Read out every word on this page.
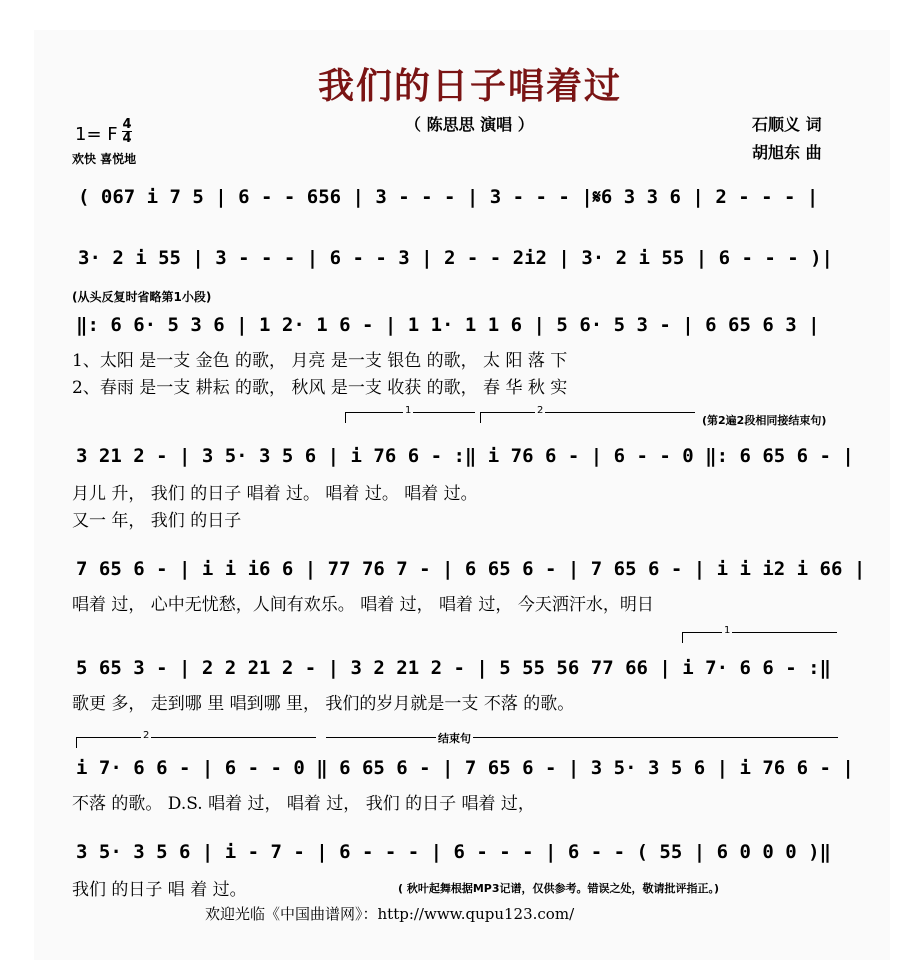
我们的日子唱着过
（ 陈思思 演唱 ）	石顺义 词
胡旭东 曲
1= F 4
4
欢快 喜悦地
( 067 i 7 5 | 6 - - 656 | 3 - - - | 3 - - - |𝄋6 3 3 6 | 2 - - - |
3· 2 i 55 | 3 - - - | 6 - - 3 | 2 - - 2i2 | 3· 2 i 55 | 6 - - - )|
(从头反复时省略第1小段)
‖: 6 6· 5 3 6 | 1 2· 1 6 - | 1 1· 1 1 6 | 5 6· 5 3 - | 6 65 6 3 |
1、太阳 是一支 金色 的歌， 月亮 是一支 银色 的歌， 太 阳 落 下
2、春雨 是一支 耕耘 的歌， 秋风 是一支 收获 的歌， 春 华 秋 实
1	2
(第2遍2段相同接结束句)
3 21 2 - | 3 5· 3 5 6 | i 76 6 - :‖ i 76 6 - | 6 - - 0 ‖: 6 65 6 - |
月儿 升， 我们 的日子 唱着 过。 唱着 过。 唱着 过。
又一 年， 我们 的日子
7 65 6 - | i i i6 6 | 77 76 7 - | 6 65 6 - | 7 65 6 - | i i i2 i 66 |
唱着 过， 心中无忧愁，人间有欢乐。 唱着 过， 唱着 过， 今天洒汗水，明日
1
5 65 3 - | 2 2 21 2 - | 3 2 21 2 - | 5 55 56 77 66 | i 7· 6 6 - :‖
歌更 多， 走到哪 里 唱到哪 里， 我们的岁月就是一支 不落 的歌。
2	结束句
i 7· 6 6 - | 6 - - 0 ‖ 6 65 6 - | 7 65 6 - | 3 5· 3 5 6 | i 76 6 - |
不落 的歌。 D.S. 唱着 过， 唱着 过， 我们 的日子 唱着 过，
3 5· 3 5 6 | i - 7 - | 6 - - - | 6 - - - | 6 - - ( 55 | 6 0 0 0 )‖
我们 的日子 唱 着 过。	( 秋叶起舞根据MP3记谱，仅供参考。错误之处，敬请批评指正。)
欢迎光临《中国曲谱网》：http://www.qupu123.com/
